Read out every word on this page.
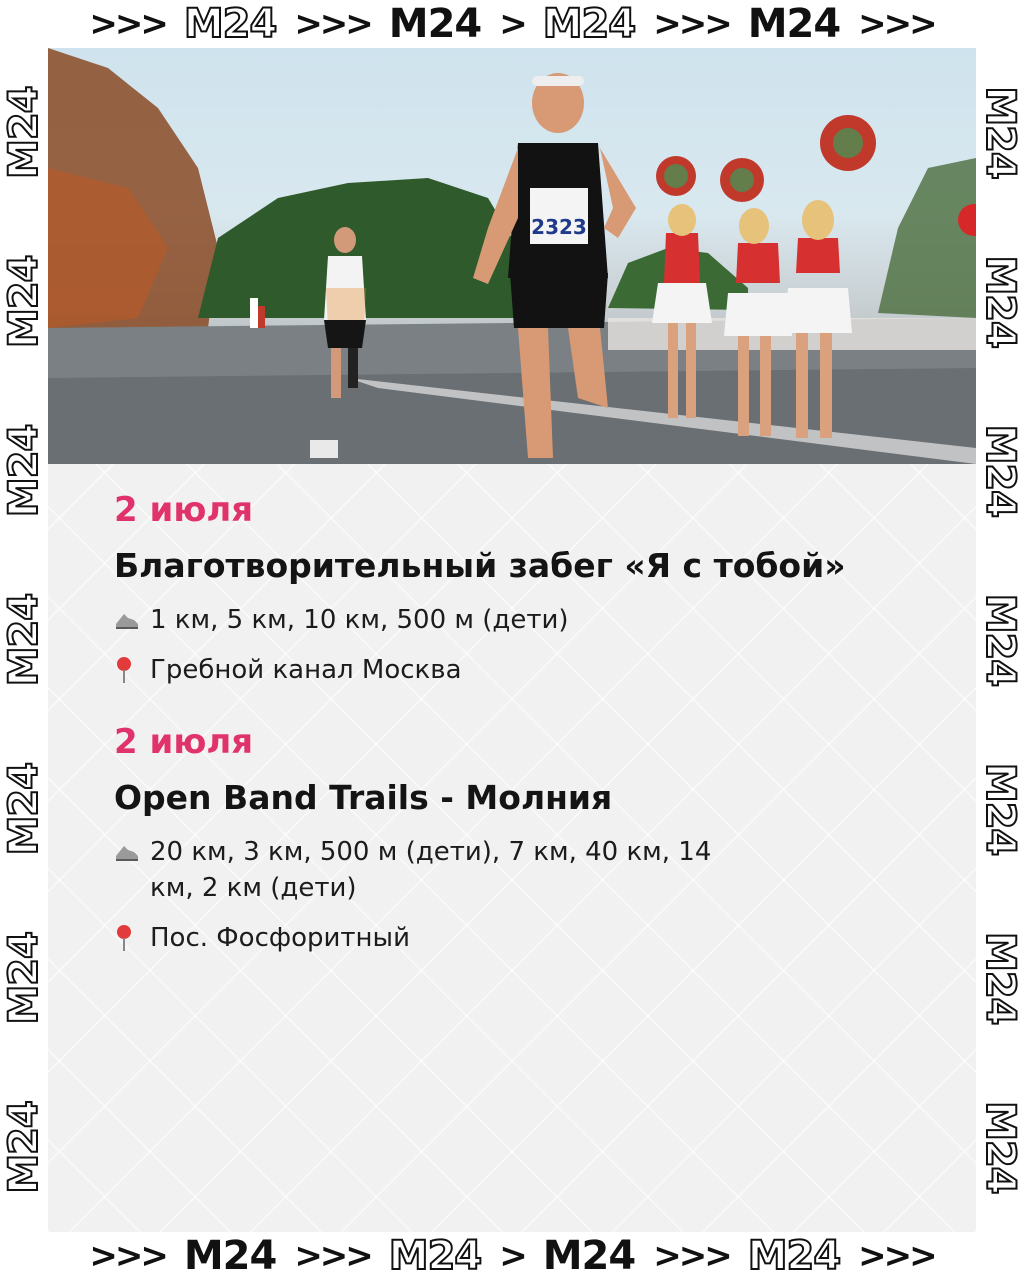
>>> M24 >>> M24 > M24 >>> M24 >>>
M24
M24
M24
M24
M24
M24
M24	M24
M24
M24
M24
M24
M24
M24
2323
2 июля
Благотворительный забег «Я с тобой»
1 км, 5 км, 10 км, 500 м (дети)
Гребной канал Москва
2 июля
Open Band Trails - Молния
20 км, 3 км, 500 м (дети), 7 км, 40 км, 14 км, 2 км (дети)
Пос. Фосфоритный
>>> M24 >>> M24 > M24 >>> M24 >>>
